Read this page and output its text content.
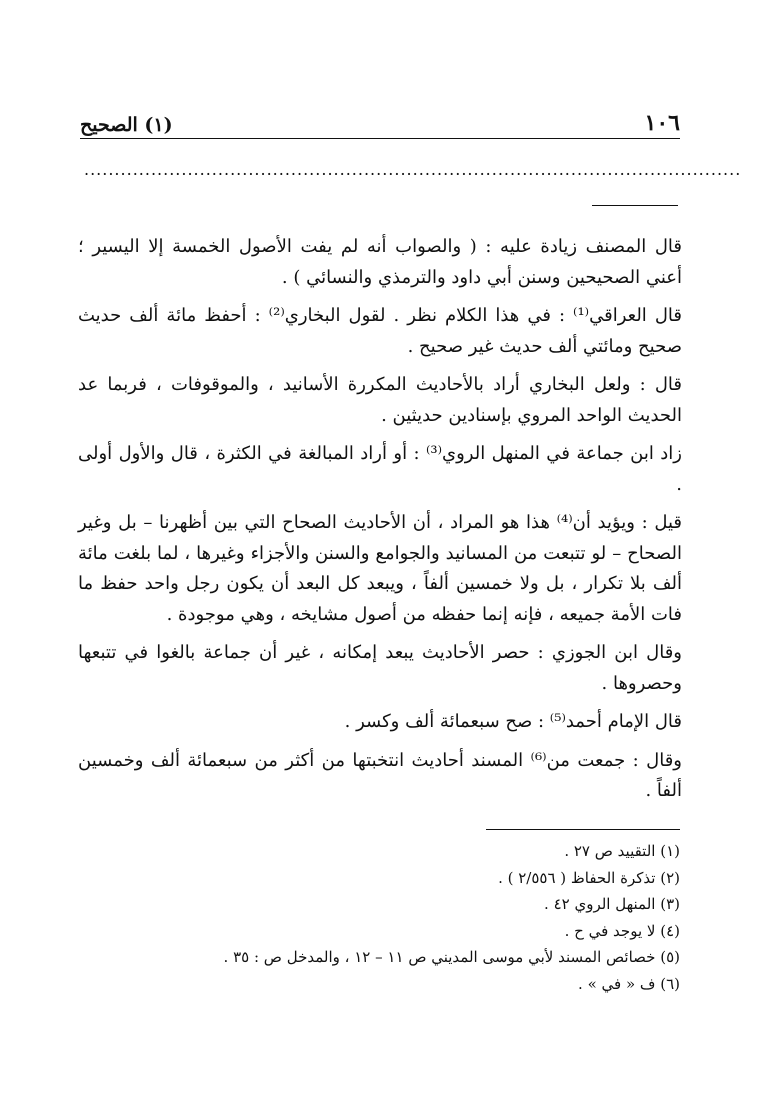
١٠٦
(١) الصحيح
............................................................................................................

قال المصنف زيادة عليه : ( والصواب أنه لم يفت الأصول الخمسة إلا اليسير ؛ أعني الصحيحين وسنن أبي داود والترمذي والنسائي ) .

قال العراقي⁽¹⁾ : في هذا الكلام نظر . لقول البخاري⁽²⁾ : أحفظ مائة ألف حديث صحيح ومائتي ألف حديث غير صحيح .

قال : ولعل البخاري أراد بالأحاديث المكررة الأسانيد ، والموقوفات ، فربما عد الحديث الواحد المروي بإسنادين حديثين .

زاد ابن جماعة في المنهل الروي⁽³⁾ : أو أراد المبالغة في الكثرة ، قال والأول أولى .

قيل : ويؤيد أن⁽⁴⁾ هذا هو المراد ، أن الأحاديث الصحاح التي بين أظهرنا – بل وغير الصحاح – لو تتبعت من المسانيد والجوامع والسنن والأجزاء وغيرها ، لما بلغت مائة ألف بلا تكرار ، بل ولا خمسين ألفاً ، ويبعد كل البعد أن يكون رجل واحد حفظ ما فات الأمة جميعه ، فإنه إنما حفظه من أصول مشايخه ، وهي موجودة .

وقال ابن الجوزي : حصر الأحاديث يبعد إمكانه ، غير أن جماعة بالغوا في تتبعها وحصروها .

قال الإمام أحمد⁽⁵⁾ : صح سبعمائة ألف وكسر .

وقال : جمعت من⁽⁶⁾ المسند أحاديث انتخبتها من أكثر من سبعمائة ألف وخمسين ألفاً .

(١) التقييد ص ٢٧ .

(٢) تذكرة الحفاظ ( ٢/٥٥٦ ) .

(٣) المنهل الروي ٤٢ .

(٤) لا يوجد في ح .

(٥) خصائص المسند لأبي موسى المديني ص ١١ – ١٢ ، والمدخل ص : ٣٥ .

(٦) ف « في » .
